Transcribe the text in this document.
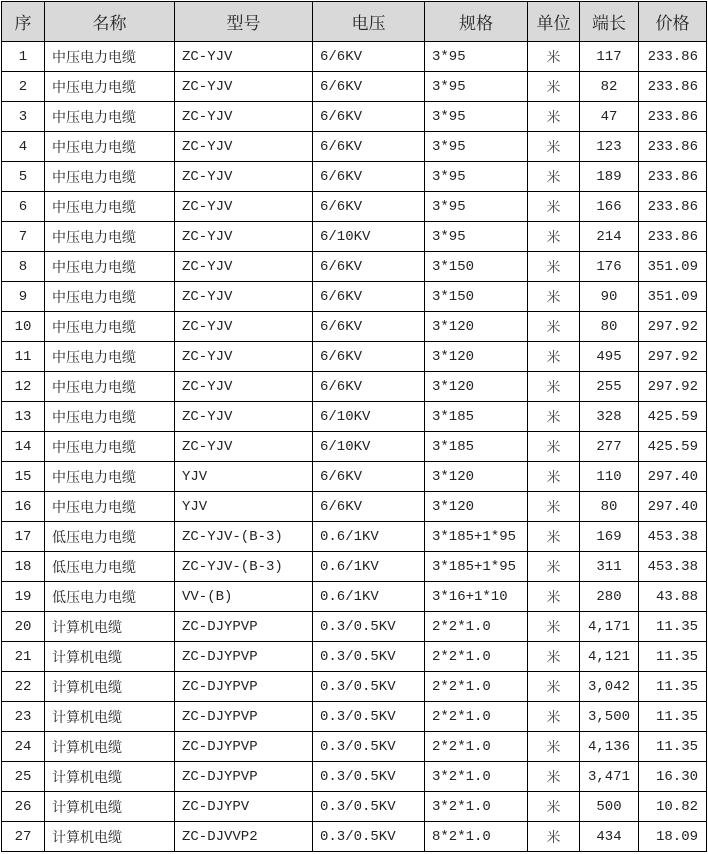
序	名称	型号	电压	规格	单位	端长	价格
1	中压电力电缆	ZC-YJV	6/6KV	3*95	米	117	233.86
2	中压电力电缆	ZC-YJV	6/6KV	3*95	米	82	233.86
3	中压电力电缆	ZC-YJV	6/6KV	3*95	米	47	233.86
4	中压电力电缆	ZC-YJV	6/6KV	3*95	米	123	233.86
5	中压电力电缆	ZC-YJV	6/6KV	3*95	米	189	233.86
6	中压电力电缆	ZC-YJV	6/6KV	3*95	米	166	233.86
7	中压电力电缆	ZC-YJV	6/10KV	3*95	米	214	233.86
8	中压电力电缆	ZC-YJV	6/6KV	3*150	米	176	351.09
9	中压电力电缆	ZC-YJV	6/6KV	3*150	米	90	351.09
10	中压电力电缆	ZC-YJV	6/6KV	3*120	米	80	297.92
11	中压电力电缆	ZC-YJV	6/6KV	3*120	米	495	297.92
12	中压电力电缆	ZC-YJV	6/6KV	3*120	米	255	297.92
13	中压电力电缆	ZC-YJV	6/10KV	3*185	米	328	425.59
14	中压电力电缆	ZC-YJV	6/10KV	3*185	米	277	425.59
15	中压电力电缆	YJV	6/6KV	3*120	米	110	297.40
16	中压电力电缆	YJV	6/6KV	3*120	米	80	297.40
17	低压电力电缆	ZC-YJV-(B-3)	0.6/1KV	3*185+1*95	米	169	453.38
18	低压电力电缆	ZC-YJV-(B-3)	0.6/1KV	3*185+1*95	米	311	453.38
19	低压电力电缆	VV-(B)	0.6/1KV	3*16+1*10	米	280	43.88
20	计算机电缆	ZC-DJYPVP	0.3/0.5KV	2*2*1.0	米	4,171	11.35
21	计算机电缆	ZC-DJYPVP	0.3/0.5KV	2*2*1.0	米	4,121	11.35
22	计算机电缆	ZC-DJYPVP	0.3/0.5KV	2*2*1.0	米	3,042	11.35
23	计算机电缆	ZC-DJYPVP	0.3/0.5KV	2*2*1.0	米	3,500	11.35
24	计算机电缆	ZC-DJYPVP	0.3/0.5KV	2*2*1.0	米	4,136	11.35
25	计算机电缆	ZC-DJYPVP	0.3/0.5KV	3*2*1.0	米	3,471	16.30
26	计算机电缆	ZC-DJYPV	0.3/0.5KV	3*2*1.0	米	500	10.82
27	计算机电缆	ZC-DJVVP2	0.3/0.5KV	8*2*1.0	米	434	18.09
